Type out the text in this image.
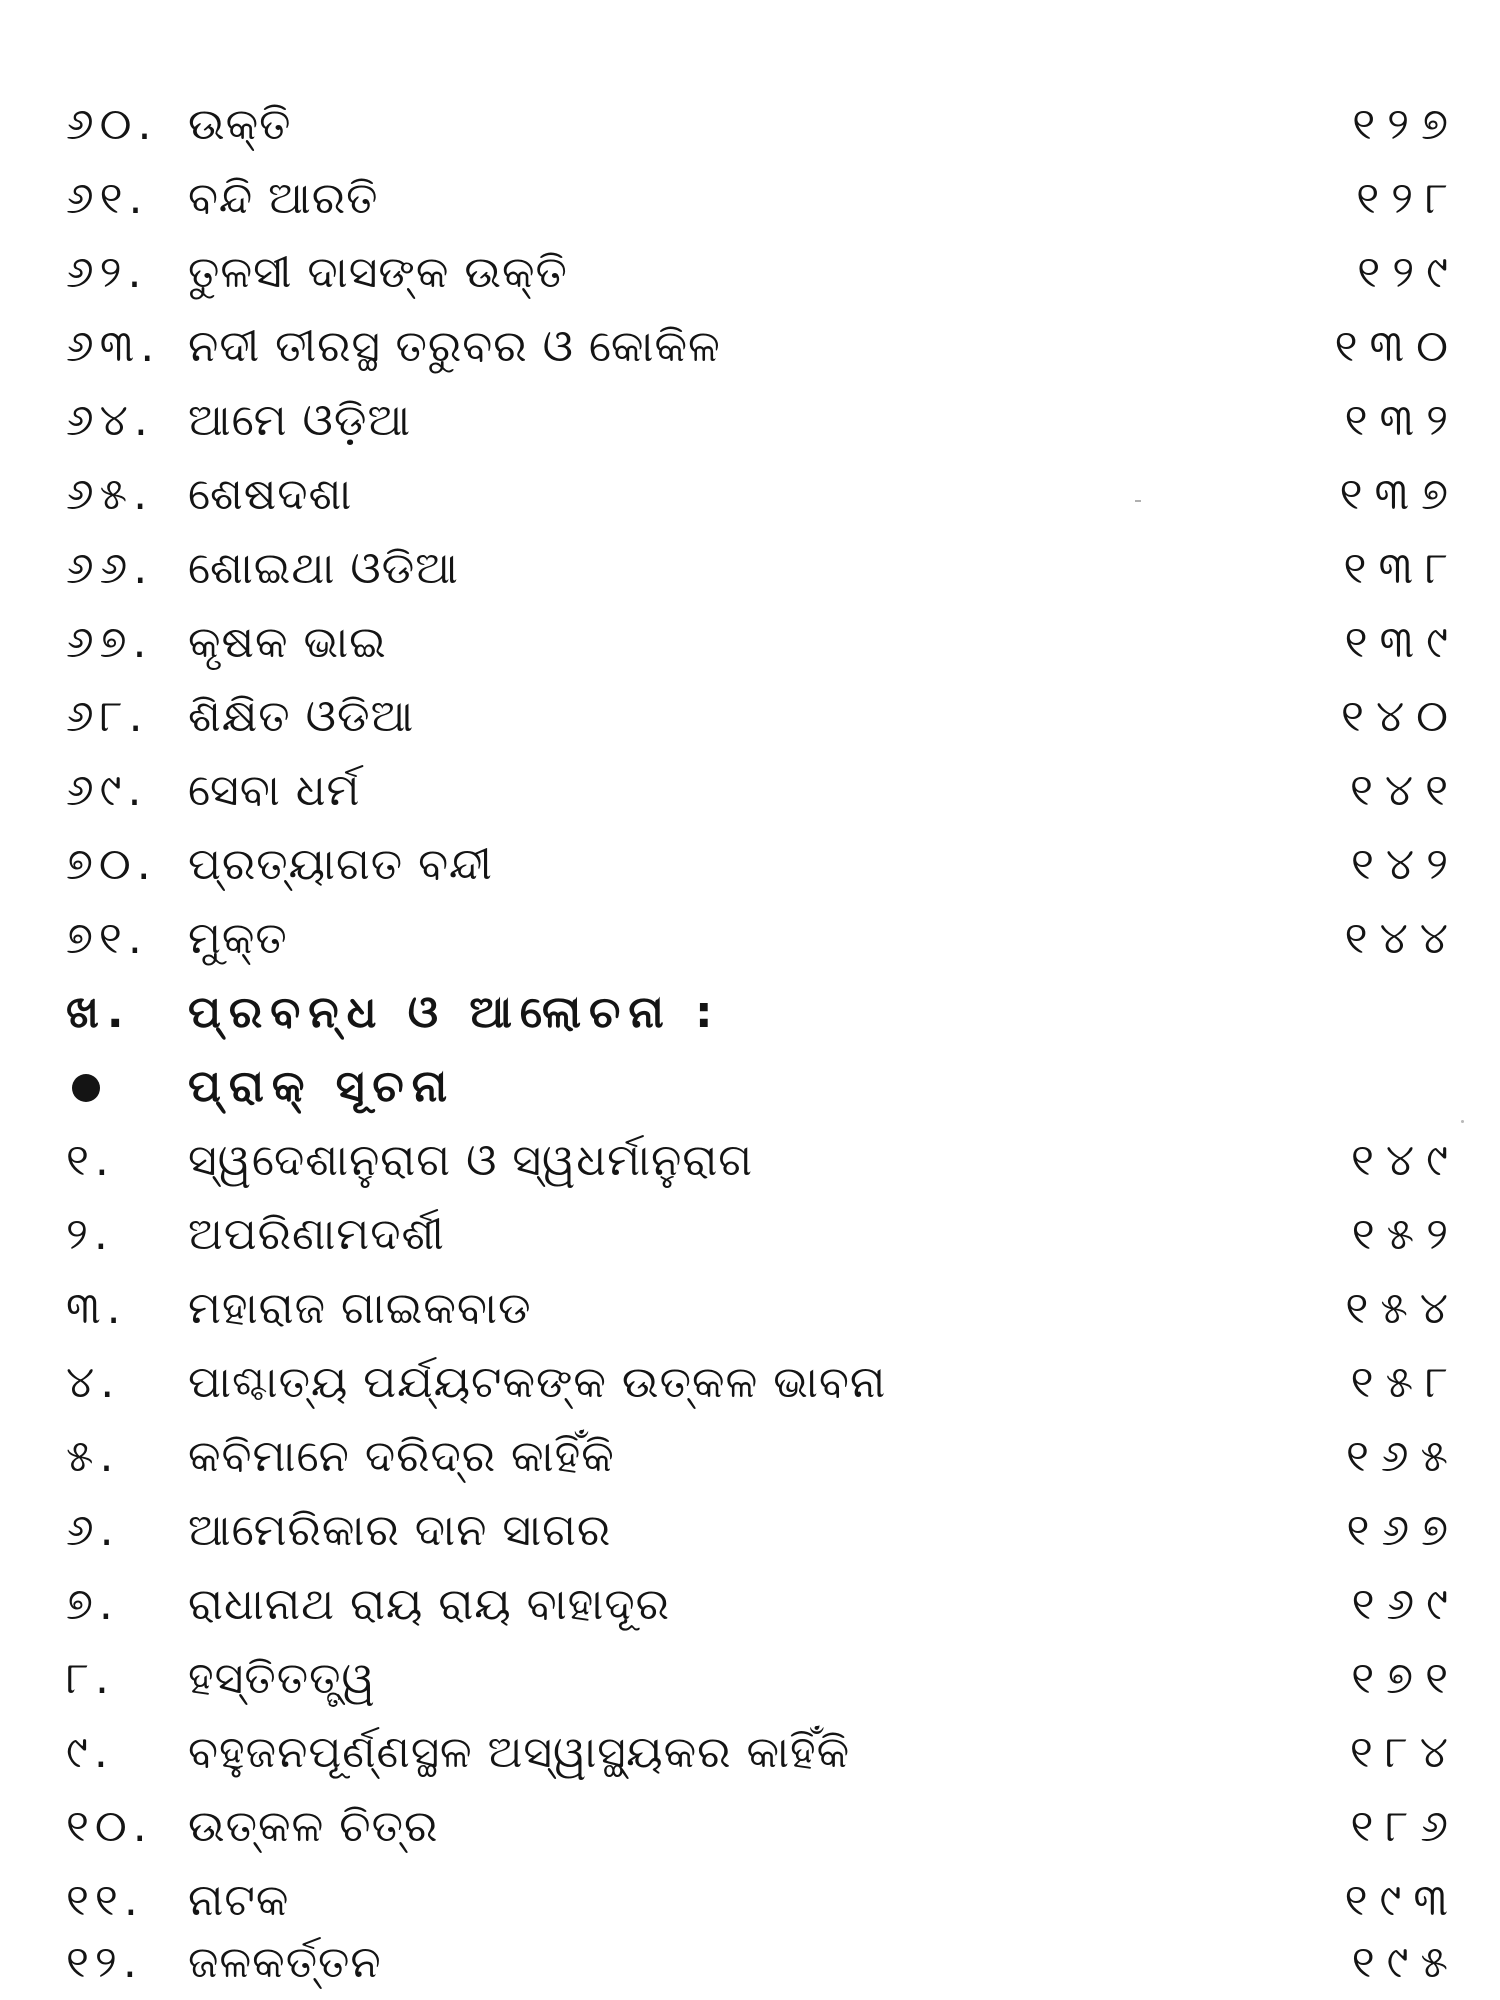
୬୦. ଉକ୍ତି	୧୨୭
୬୧. ବନ୍ଦି ଆରତି	୧୨୮
୬୨. ତୁଳସୀ ଦାସଙ୍କ ଉକ୍ତି	୧୨୯
୬୩. ନଦୀ ତୀରସ୍ଥ ତରୁବର ଓ କୋକିଳ	୧୩୦
୬୪. ଆମେ ଓଡ଼ିଆ	୧୩୨
୬୫. ଶେଷଦଶା	୧୩୭
୬୬. ଶୋଇଥା ଓଡିଆ	୧୩୮
୬୭. କୃଷକ ଭାଇ	୧୩୯
୬୮. ଶିକ୍ଷିତ ଓଡିଆ	୧୪୦
୬୯. ସେବା ଧର୍ମ	୧୪୧
୭୦. ପ୍ରତ୍ୟାଗତ ବନ୍ଦୀ	୧୪୨
୭୧. ମୁକ୍ତ	୧୪୪
ଖ. ପ୍ରବନ୍ଧ ଓ ଆଲୋଚନା :
ପ୍ରାକ୍ ସୂଚନା
୧. ସ୍ୱଦେଶାନୁରାଗ ଓ ସ୍ୱଧର୍ମାନୁରାଗ	୧୪୯
୨. ଅପରିଣାମଦର୍ଶୀ	୧୫୨
୩. ମହାରାଜ ଗାଇକବାଡ	୧୫୪
୪. ପାଶ୍ଚାତ୍ୟ ପର୍ଯ୍ୟଟକଙ୍କ ଉତ୍କଳ ଭାବନା	୧୫୮
୫. କବିମାନେ ଦରିଦ୍ର କାହିଁକି	୧୬୫
୬. ଆମେରିକାର ଦାନ ସାଗର	୧୬୭
୭. ରାଧାନାଥ ରାୟ ରାୟ ବାହାଦୂର	୧୬୯
୮. ହସ୍ତିତତ୍ତ୍ୱ	୧୭୧
୯. ବହୁଜନପୂର୍ଣ୍ଣସ୍ଥଳ ଅସ୍ୱାସ୍ଥ୍ୟକର କାହିଁକି	୧୮୪
୧୦. ଉତ୍କଳ ଚିତ୍ର	୧୮୬
୧୧. ନାଟକ	୧୯୩
୧୨. ଜଳକର୍ତ୍ତନ	୧୯୫
